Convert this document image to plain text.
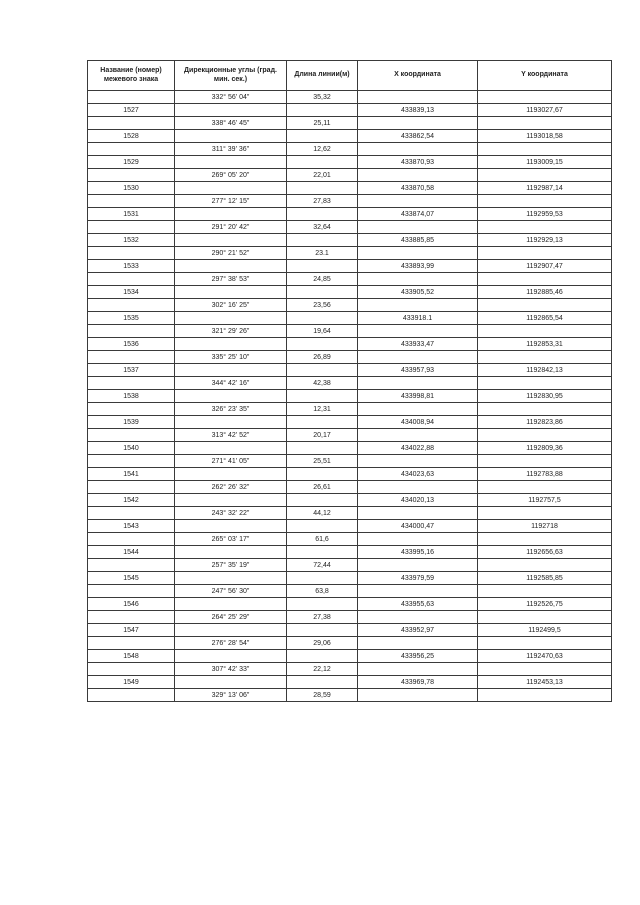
Название (номер) межевого знака	Дирекционные углы (град. мин. сек.)	Длина линии(м)	X координата	Y координата
	332° 56' 04"	35,32		
1527			433839,13	1193027,67
	338° 46' 45"	25,11		
1528			433862,54	1193018,58
	311° 39' 36"	12,62		
1529			433870,93	1193009,15
	269° 05' 20"	22,01		
1530			433870,58	1192987,14
	277° 12' 15"	27,83		
1531			433874,07	1192959,53
	291° 20' 42"	32,64		
1532			433885,85	1192929,13
	290° 21' 52"	23.1		
1533			433893,99	1192907,47
	297° 38' 53"	24,85		
1534			433905,52	1192885,46
	302° 16' 25"	23,56		
1535			433918.1	1192865,54
	321° 29' 26"	19,64		
1536			433933,47	1192853,31
	335° 25' 10"	26,89		
1537			433957,93	1192842,13
	344° 42' 16"	42,38		
1538			433998,81	1192830,95
	326° 23' 35"	12,31		
1539			434008,94	1192823,86
	313° 42' 52"	20,17		
1540			434022,88	1192809,36
	271° 41' 05"	25,51		
1541			434023,63	1192783,88
	262° 26' 32"	26,61		
1542			434020,13	1192757,5
	243° 32' 22"	44,12		
1543			434000,47	1192718
	265° 03' 17"	61,6		
1544			433995,16	1192656,63
	257° 35' 19"	72,44		
1545			433979,59	1192585,85
	247° 56' 30"	63,8		
1546			433955,63	1192526,75
	264° 25' 29"	27,38		
1547			433952,97	1192499,5
	276° 28' 54"	29,06		
1548			433956,25	1192470,63
	307° 42' 33"	22,12		
1549			433969,78	1192453,13
	329° 13' 06"	28,59		
